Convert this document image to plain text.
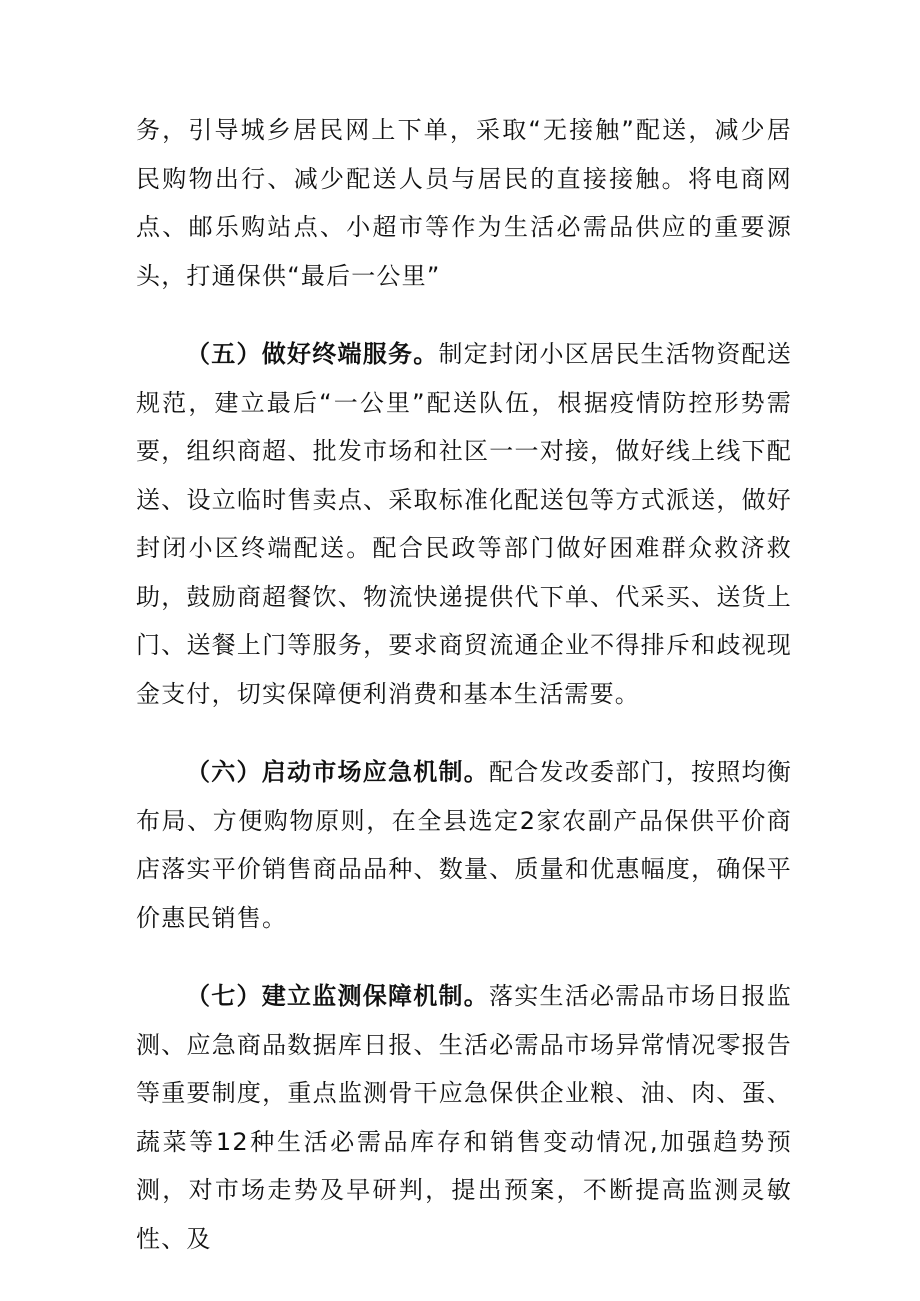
务，引导城乡居民网上下单，采取“无接触”配送，减少居民购物出行、减少配送人员与居民的直接接触。将电商网点、邮乐购站点、小超市等作为生活必需品供应的重要源头，打通保供“最后一公里”

（五）做好终端服务。制定封闭小区居民生活物资配送规范，建立最后“一公里”配送队伍，根据疫情防控形势需要，组织商超、批发市场和社区一一对接，做好线上线下配送、设立临时售卖点、采取标准化配送包等方式派送，做好封闭小区终端配送。配合民政等部门做好困难群众救济救助，鼓励商超餐饮、物流快递提供代下单、代采买、送货上门、送餐上门等服务，要求商贸流通企业不得排斥和歧视现金支付，切实保障便利消费和基本生活需要。

（六）启动市场应急机制。配合发改委部门，按照均衡布局、方便购物原则，在全县选定2家农副产品保供平价商店落实平价销售商品品种、数量、质量和优惠幅度，确保平价惠民销售。

（七）建立监测保障机制。落实生活必需品市场日报监测、应急商品数据库日报、生活必需品市场异常情况零报告等重要制度，重点监测骨干应急保供企业粮、油、肉、蛋、蔬菜等12种生活必需品库存和销售变动情况,加强趋势预测，对市场走势及早研判，提出预案，不断提高监测灵敏性、及
